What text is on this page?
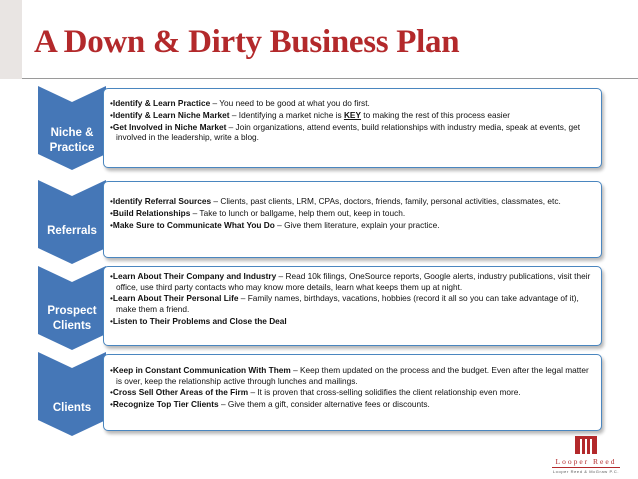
A Down & Dirty Business Plan
Niche &
Practice
•Identify & Learn Practice – You need to be good at what you do first.
•Identify & Learn Niche Market – Identifying a market niche is KEY to making the rest of this process easier
•Get Involved in Niche Market – Join organizations, attend events, build relationships with industry media, speak at events, get involved in the leadership, write a blog.
Referrals
•Identify Referral Sources – Clients, past clients, LRM, CPAs, doctors, friends, family, personal activities, classmates, etc.
•Build Relationships – Take to lunch or ballgame, help them out, keep in touch.
•Make Sure to Communicate What You Do – Give them literature, explain your practice.
Prospect
Clients
•Learn About Their Company and Industry – Read 10k filings, OneSource reports, Google alerts, industry publications, visit their office, use third party contacts who may know more details, learn what keeps them up at night.
•Learn About Their Personal Life – Family names, birthdays, vacations, hobbies (record it all so you can take advantage of it), make them a friend.
•Listen to Their Problems and Close the Deal
Clients
•Keep in Constant Communication With Them – Keep them updated on the process and the budget. Even after the legal matter is over, keep the relationship active through lunches and mailings.
•Cross Sell Other Areas of the Firm – It is proven that cross-selling solidifies the client relationship even more.
•Recognize Top Tier Clients – Give them a gift, consider alternative fees or discounts.
Looper Reed
Looper Reed & McGraw P.C.
